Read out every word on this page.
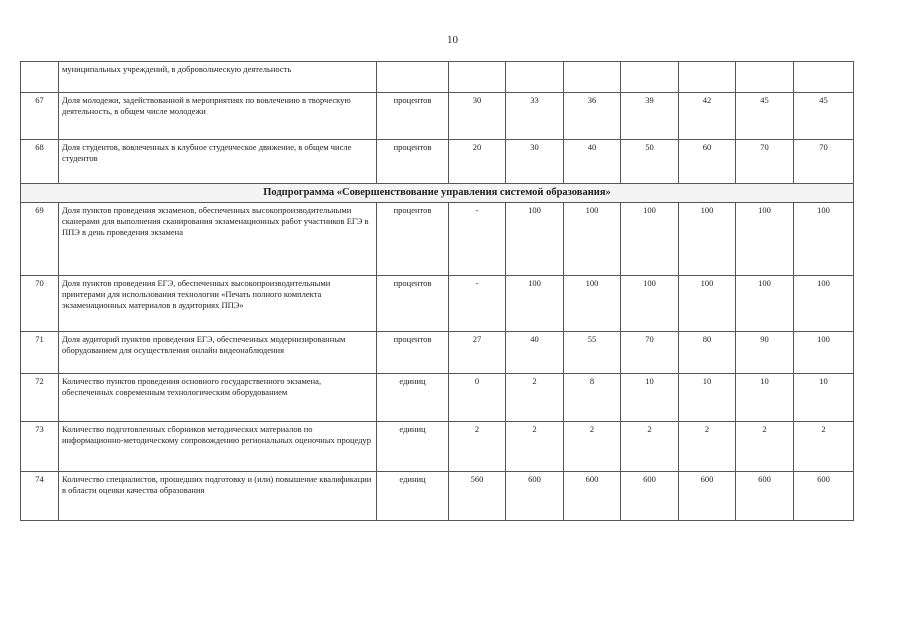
10
	муниципальных учреждений, в добровольческую деятельность								
67	Доля молодежи, задействованной в мероприятиях по вовлечению в творческую деятельность, в общем числе молодежи	процентов	30	33	36	39	42	45	45
68	Доля студентов, вовлеченных в клубное студенческое движение, в общем числе студентов	процентов	20	30	40	50	60	70	70
Подпрограмма «Совершенствование управления системой образования»									
69	Доля пунктов проведения экзаменов, обеспеченных высокопроизводительными сканерами для выполнения сканирования экзаменационных работ участников ЕГЭ в ППЭ в день проведения экзамена	процентов	-	100	100	100	100	100	100
70	Доля пунктов проведения ЕГЭ, обеспеченных высокопроизводительными принтерами для использования технологии «Печать полного комплекта экзаменационных материалов в аудиториях ППЭ»	процентов	-	100	100	100	100	100	100
71	Доля аудиторий пунктов проведения ЕГЭ, обеспеченных модернизированным оборудованием для осуществления онлайн видеонаблюдения	процентов	27	40	55	70	80	90	100
72	Количество пунктов проведения основного государственного экзамена, обеспеченных современным технологическим оборудованием	единиц	0	2	8	10	10	10	10
73	Количество подготовленных сборников методических материалов по информационно-методическому сопровождению региональных оценочных процедур	единиц	2	2	2	2	2	2	2
74	Количество специалистов, прошедших подготовку и (или) повышение квалификации в области оценки качества образования	единиц	560	600	600	600	600	600	600
